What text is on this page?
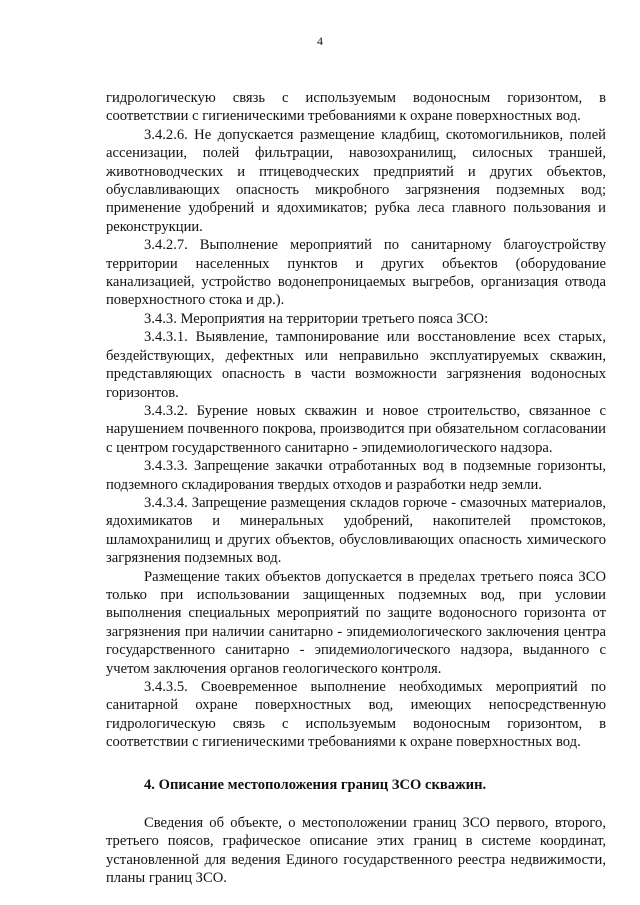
4

гидрологическую связь с используемым водоносным горизонтом, в соответствии с гигиеническими требованиями к охране поверхностных вод.

3.4.2.6. Не допускается размещение кладбищ, скотомогильников, полей ассенизации, полей фильтрации, навозохранилищ, силосных траншей, животноводческих и птицеводческих предприятий и других объектов, обуславливающих опасность микробного загрязнения подземных вод; применение удобрений и ядохимикатов; рубка леса главного пользования и реконструкции.

3.4.2.7. Выполнение мероприятий по санитарному благоустройству территории населенных пунктов и других объектов (оборудование канализацией, устройство водонепроницаемых выгребов, организация отвода поверхностного стока и др.).

3.4.3. Мероприятия на территории третьего пояса ЗСО:

3.4.3.1. Выявление, тампонирование или восстановление всех старых, бездействующих, дефектных или неправильно эксплуатируемых скважин, представляющих опасность в части возможности загрязнения водоносных горизонтов.

3.4.3.2. Бурение новых скважин и новое строительство, связанное с нарушением почвенного покрова, производится при обязательном согласовании с центром государственного санитарно - эпидемиологического надзора.

3.4.3.3. Запрещение закачки отработанных вод в подземные горизонты, подземного складирования твердых отходов и разработки недр земли.

3.4.3.4. Запрещение размещения складов горюче - смазочных материалов, ядохимикатов и минеральных удобрений, накопителей промстоков, шламохранилищ и других объектов, обусловливающих опасность химического загрязнения подземных вод.

Размещение таких объектов допускается в пределах третьего пояса ЗСО только при использовании защищенных подземных вод, при условии выполнения специальных мероприятий по защите водоносного горизонта от загрязнения при наличии санитарно - эпидемиологического заключения центра государственного санитарно - эпидемиологического надзора, выданного с учетом заключения органов геологического контроля.

3.4.3.5. Своевременное выполнение необходимых мероприятий по санитарной охране поверхностных вод, имеющих непосредственную гидрологическую связь с используемым водоносным горизонтом, в соответствии с гигиеническими требованиями к охране поверхностных вод.

4. Описание местоположения границ ЗСО скважин.

Сведения об объекте, о местоположении границ ЗСО первого, второго, третьего поясов, графическое описание этих границ в системе координат, установленной для ведения Единого государственного реестра недвижимости, планы границ ЗСО.
